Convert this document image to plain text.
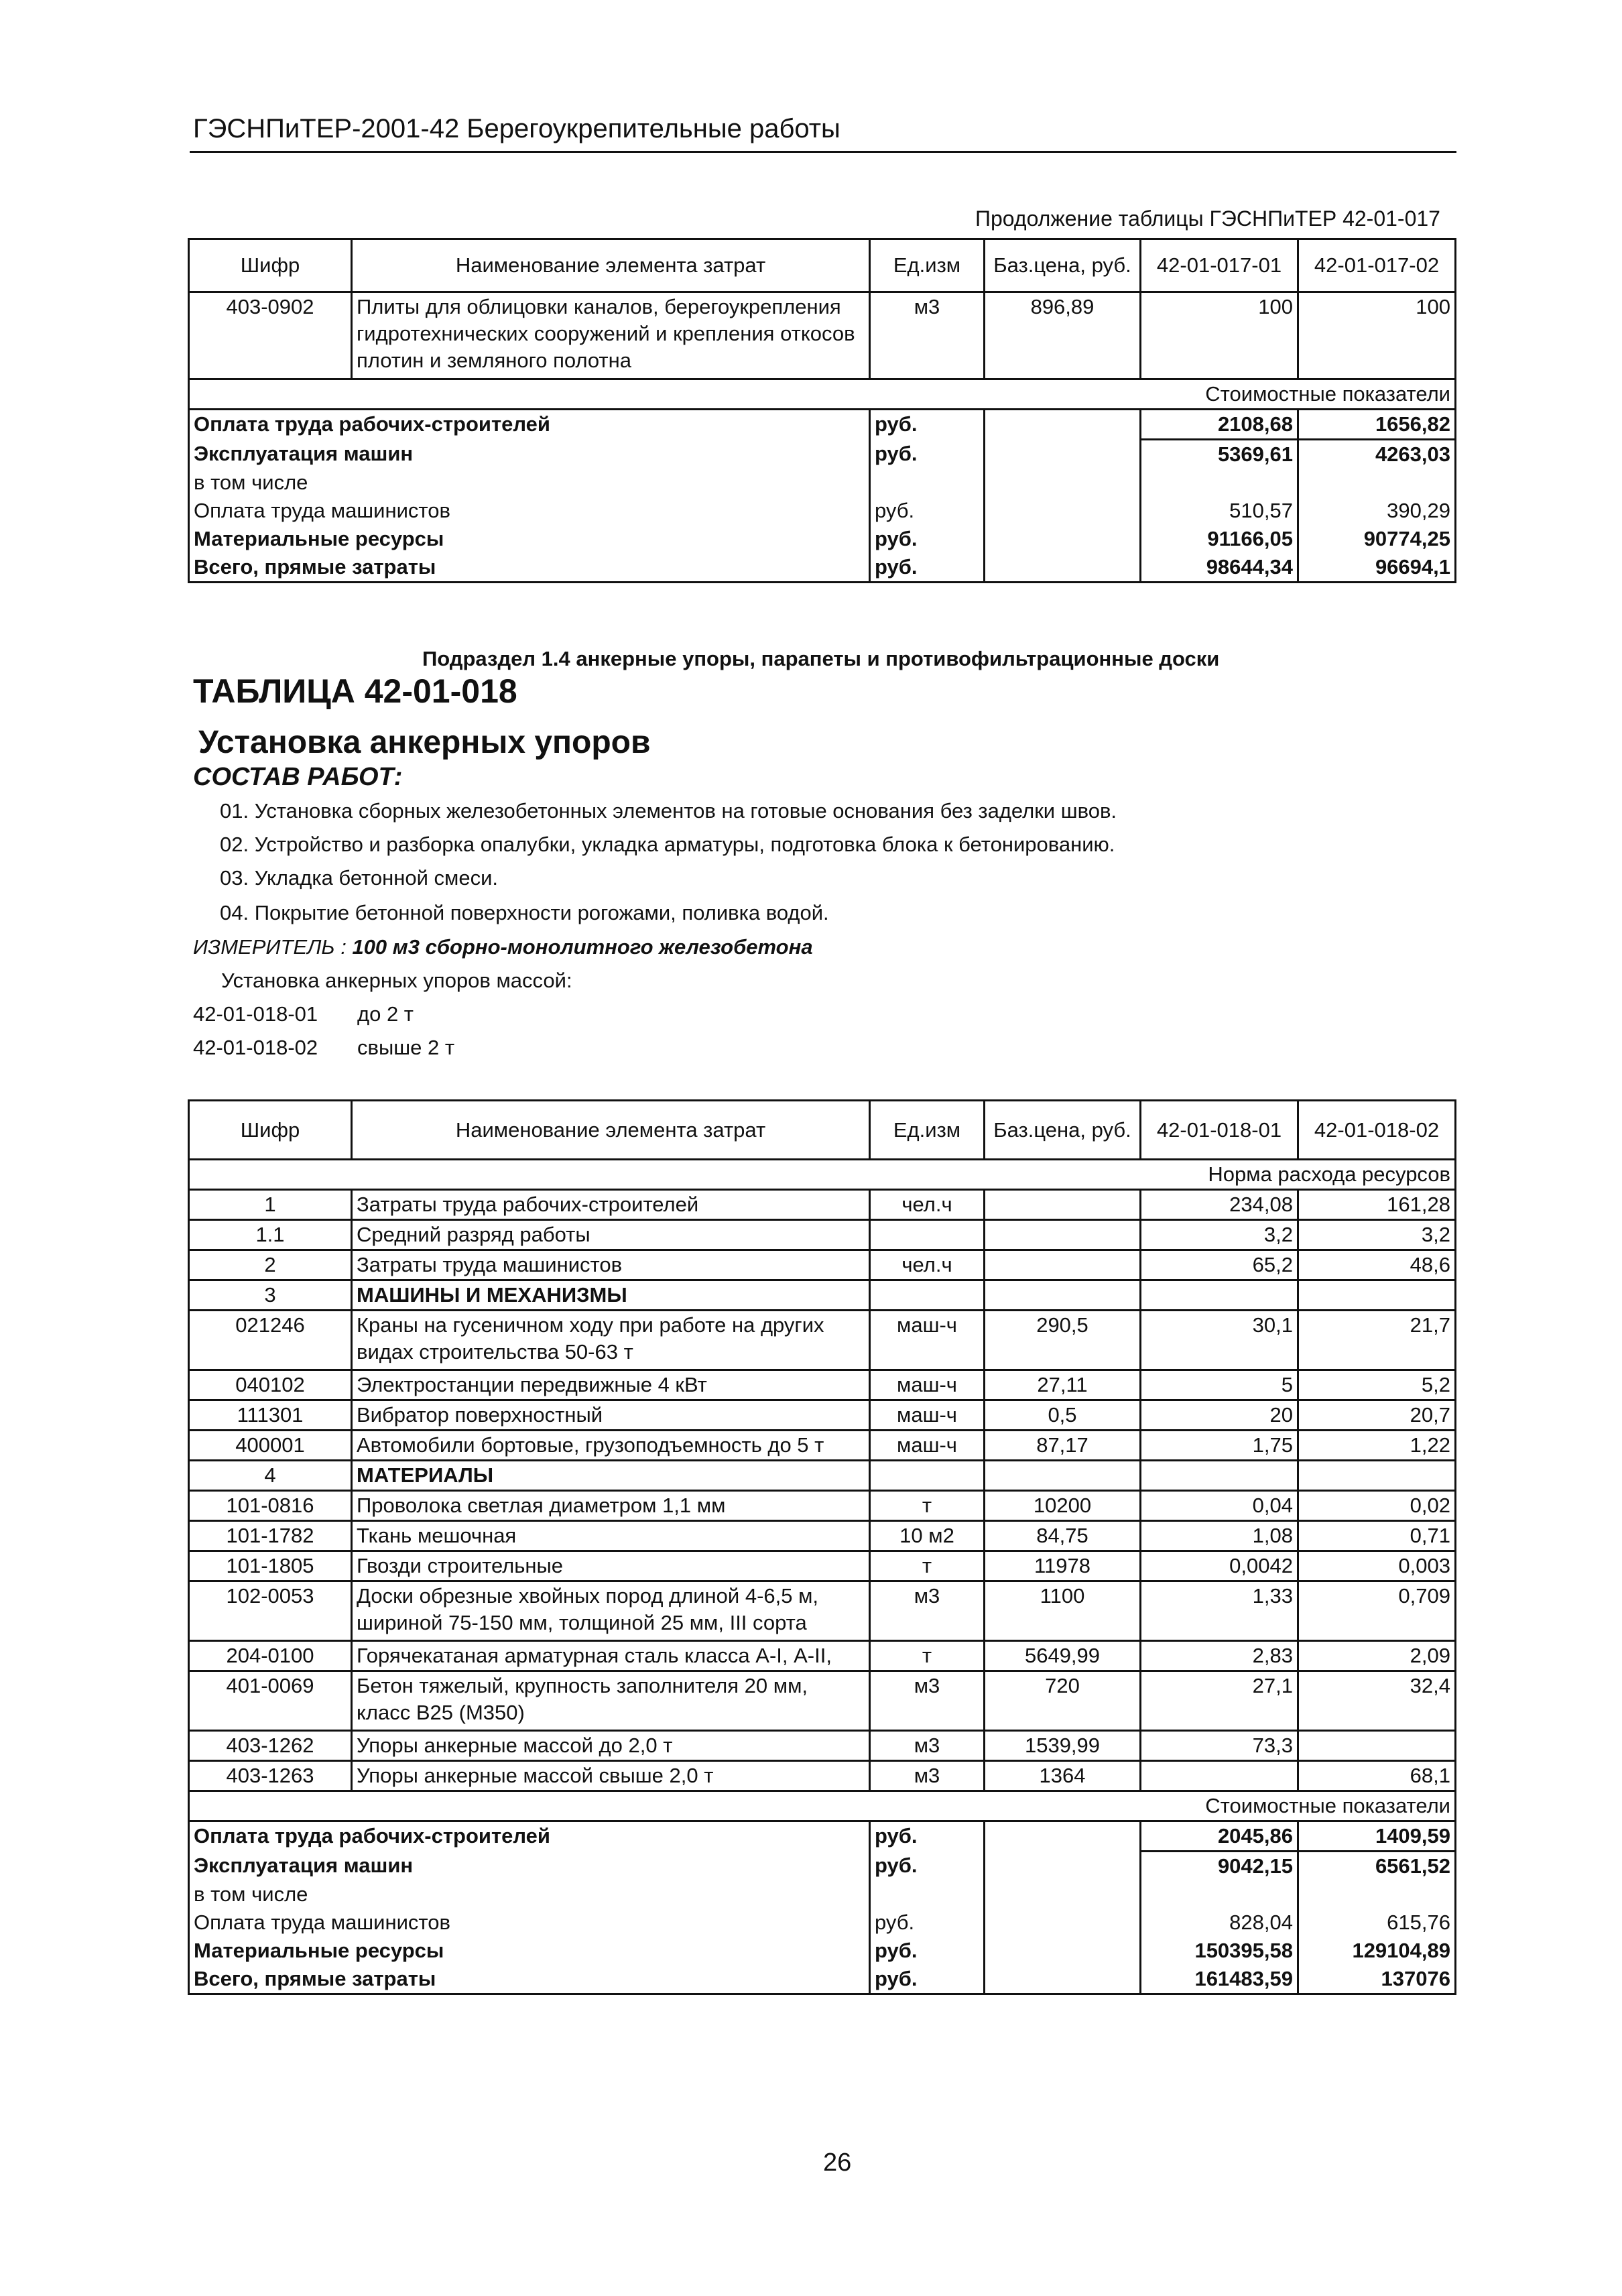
ГЭСНПиТЕР-2001-42 Берегоукрепительные работы
Продолжение таблицы ГЭСНПиТЕР 42-01-017
Шифр	Наименование элемента затрат	Ед.изм	Баз.цена, руб.	42-01-017-01	42-01-017-02
403-0902	Плиты для облицовки каналов, берегоукрепления гидротехнических сооружений и крепления откосов плотин и земляного полотна	м3	896,89	100	100
Стоимостные показатели					
Оплата труда рабочих-строителей		руб.		2108,68	1656,82
Эксплуатация машин		руб.		5369,61	4263,03
в том числе					
Оплата труда машинистов		руб.		510,57	390,29
Материальные ресурсы		руб.		91166,05	90774,25
Всего, прямые затраты		руб.		98644,34	96694,1
Подраздел 1.4 анкерные упоры, парапеты и противофильтрационные доски
ТАБЛИЦА 42-01-018
Установка анкерных упоров
СОСТАВ РАБОТ:
01. Установка сборных железобетонных элементов на готовые основания без заделки швов.
02. Устройство и разборка опалубки, укладка арматуры, подготовка блока к бетонированию.
03. Укладка бетонной смеси.
04. Покрытие бетонной поверхности рогожами, поливка водой.
ИЗМЕРИТЕЛЬ : 100 м3 сборно-монолитного железобетона
Установка анкерных упоров массой:
42-01-018-01 до 2 т
42-01-018-02 свыше 2 т
Шифр	Наименование элемента затрат	Ед.изм	Баз.цена, руб.	42-01-018-01	42-01-018-02
Норма расхода ресурсов					
1	Затраты труда рабочих-строителей	чел.ч		234,08	161,28
1.1	Средний разряд работы			3,2	3,2
2	Затраты труда машинистов	чел.ч		65,2	48,6
3	МАШИНЫ И МЕХАНИЗМЫ				
021246	Краны на гусеничном ходу при работе на других видах строительства 50-63 т	маш-ч	290,5	30,1	21,7
040102	Электростанции передвижные 4 кВт	маш-ч	27,11	5	5,2
111301	Вибратор поверхностный	маш-ч	0,5	20	20,7
400001	Автомобили бортовые, грузоподъемность до 5 т	маш-ч	87,17	1,75	1,22
4	МАТЕРИАЛЫ				
101-0816	Проволока светлая диаметром 1,1 мм	т	10200	0,04	0,02
101-1782	Ткань мешочная	10 м2	84,75	1,08	0,71
101-1805	Гвозди строительные	т	11978	0,0042	0,003
102-0053	Доски обрезные хвойных пород длиной 4-6,5 м, шириной 75-150 мм, толщиной 25 мм, III сорта	м3	1100	1,33	0,709
204-0100	Горячекатаная арматурная сталь класса А-I, А-II,	т	5649,99	2,83	2,09
401-0069	Бетон тяжелый, крупность заполнителя 20 мм, класс В25 (М350)	м3	720	27,1	32,4
403-1262	Упоры анкерные массой до 2,0 т	м3	1539,99	73,3	
403-1263	Упоры анкерные массой свыше 2,0 т	м3	1364		68,1
Стоимостные показатели					
Оплата труда рабочих-строителей		руб.		2045,86	1409,59
Эксплуатация машин		руб.		9042,15	6561,52
в том числе					
Оплата труда машинистов		руб.		828,04	615,76
Материальные ресурсы		руб.		150395,58	129104,89
Всего, прямые затраты		руб.		161483,59	137076
26
